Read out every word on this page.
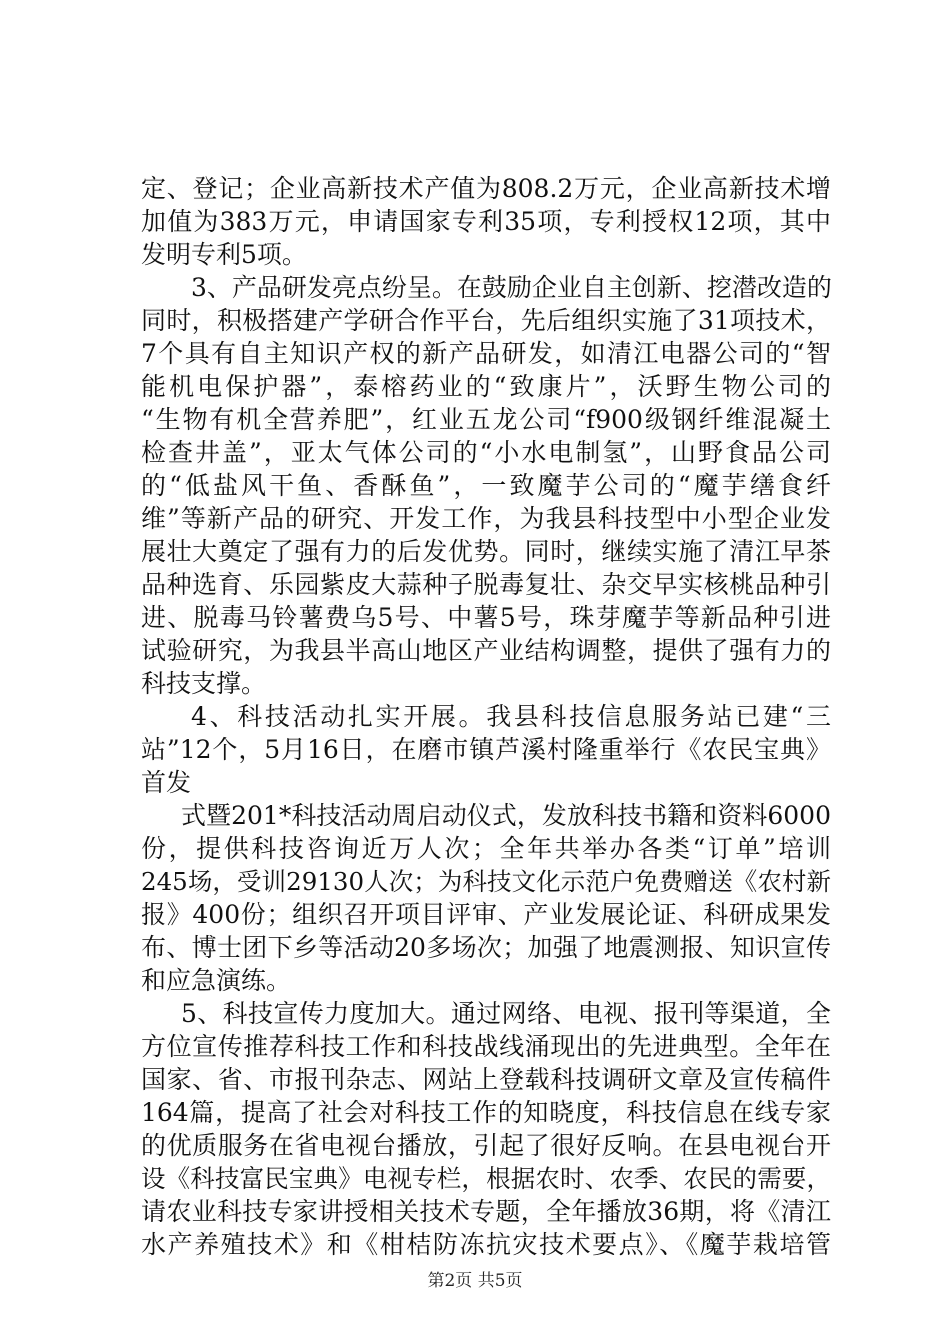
定、登记；企业高新技术产值为808.2万元，企业高新技术增
加值为383万元，申请国家专利35项，专利授权12项，其中
发明专利5项。
3、产品研发亮点纷呈。在鼓励企业自主创新、挖潜改造的
同时，积极搭建产学研合作平台，先后组织实施了31项技术，
7个具有自主知识产权的新产品研发，如清江电器公司的“智
能机电保护器”，泰榕药业的“致康片”，沃野生物公司的
“生物有机全营养肥”，红业五龙公司“f900级钢纤维混凝土
检查井盖”，亚太气体公司的“小水电制氢”，山野食品公司
的“低盐风干鱼、香酥鱼”，一致魔芋公司的“魔芋缮食纤
维”等新产品的研究、开发工作，为我县科技型中小型企业发
展壮大奠定了强有力的后发优势。同时，继续实施了清江早茶
品种选育、乐园紫皮大蒜种子脱毒复壮、杂交早实核桃品种引
进、脱毒马铃薯费乌5号、中薯5号，珠芽魔芋等新品种引进
试验研究，为我县半高山地区产业结构调整，提供了强有力的
科技支撑。
4、科技活动扎实开展。我县科技信息服务站已建“三
站”12个，5月16日，在磨市镇芦溪村隆重举行《农民宝典》
首发
式暨201*科技活动周启动仪式，发放科技书籍和资料6000
份，提供科技咨询近万人次；全年共举办各类“订单”培训
245场，受训29130人次；为科技文化示范户免费赠送《农村新
报》400份；组织召开项目评审、产业发展论证、科研成果发
布、博士团下乡等活动20多场次；加强了地震测报、知识宣传
和应急演练。
5、科技宣传力度加大。通过网络、电视、报刊等渠道，全
方位宣传推荐科技工作和科技战线涌现出的先进典型。全年在
国家、省、市报刊杂志、网站上登载科技调研文章及宣传稿件
164篇，提高了社会对科技工作的知晓度，科技信息在线专家
的优质服务在省电视台播放，引起了很好反响。在县电视台开
设《科技富民宝典》电视专栏，根据农时、农季、农民的需要，
请农业科技专家讲授相关技术专题，全年播放36期，将《清江
水产养殖技术》和《柑桔防冻抗灾技术要点》、《魔芋栽培管
第2页 共5页
